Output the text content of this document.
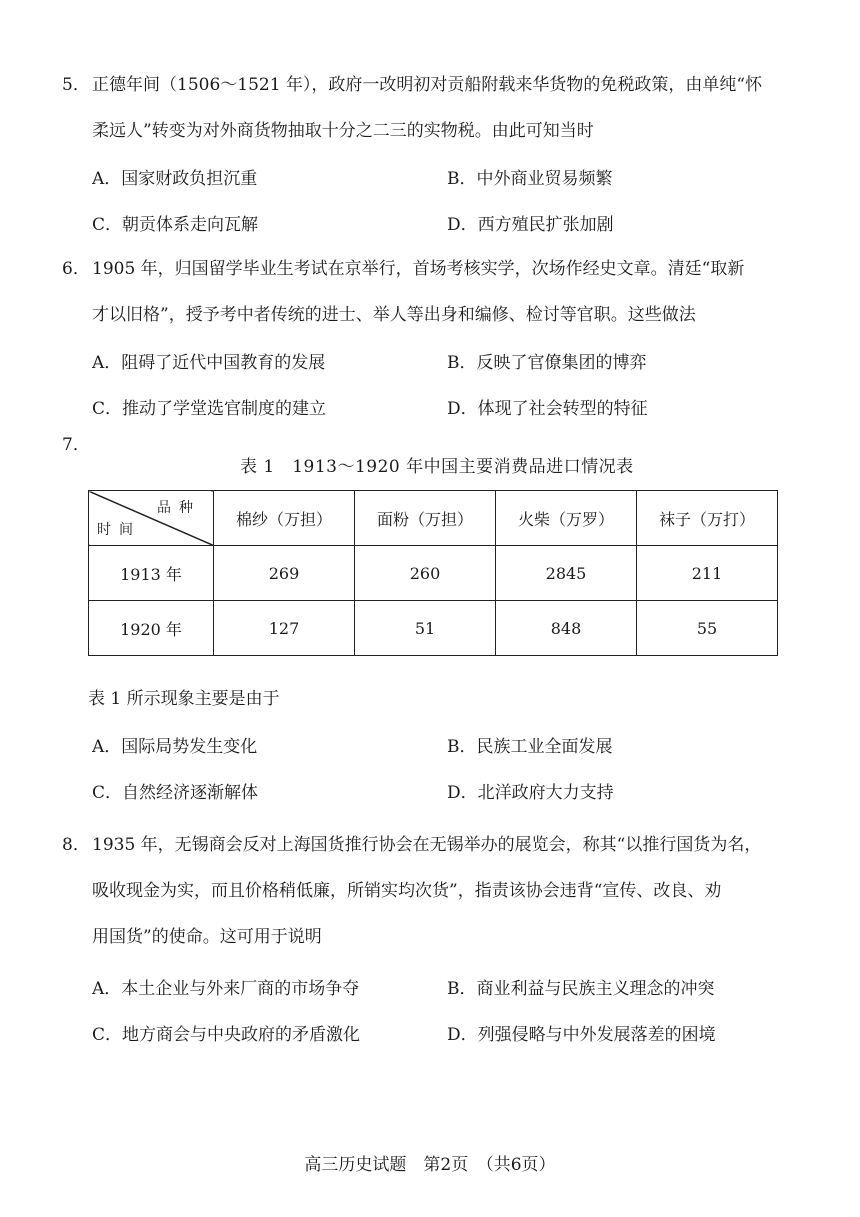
5． 正德年间（1506～1521 年），政府一改明初对贡船附载来华货物的免税政策，由单纯“怀
柔远人”转变为对外商货物抽取十分之二三的实物税。由此可知当时
A．国家财政负担沉重	B．中外商业贸易频繁
C．朝贡体系走向瓦解	D．西方殖民扩张加剧
6． 1905 年，归国留学毕业生考试在京举行，首场考核实学，次场作经史文章。清廷“取新
才以旧格”，授予考中者传统的进士、举人等出身和编修、检讨等官职。这些做法
A．阻碍了近代中国教育的发展	B．反映了官僚集团的博弈
C．推动了学堂选官制度的建立	D．体现了社会转型的特征
7．
表 1　1913～1920 年中国主要消费品进口情况表
品种
时间	棉纱（万担）	面粉（万担）	火柴（万罗）	袜子（万打）
1913 年	269	260	2845	211
1920 年	127	51	848	55
表 1 所示现象主要是由于
A．国际局势发生变化	B．民族工业全面发展
C．自然经济逐渐解体	D．北洋政府大力支持
8． 1935 年，无锡商会反对上海国货推行协会在无锡举办的展览会，称其“以推行国货为名，
吸收现金为实，而且价格稍低廉，所销实均次货”，指责该协会违背“宣传、改良、劝
用国货”的使命。这可用于说明
A．本土企业与外来厂商的市场争夺	B．商业利益与民族主义理念的冲突
C．地方商会与中央政府的矛盾激化	D．列强侵略与中外发展落差的困境
高三历史试题　第2页　（共6页）
